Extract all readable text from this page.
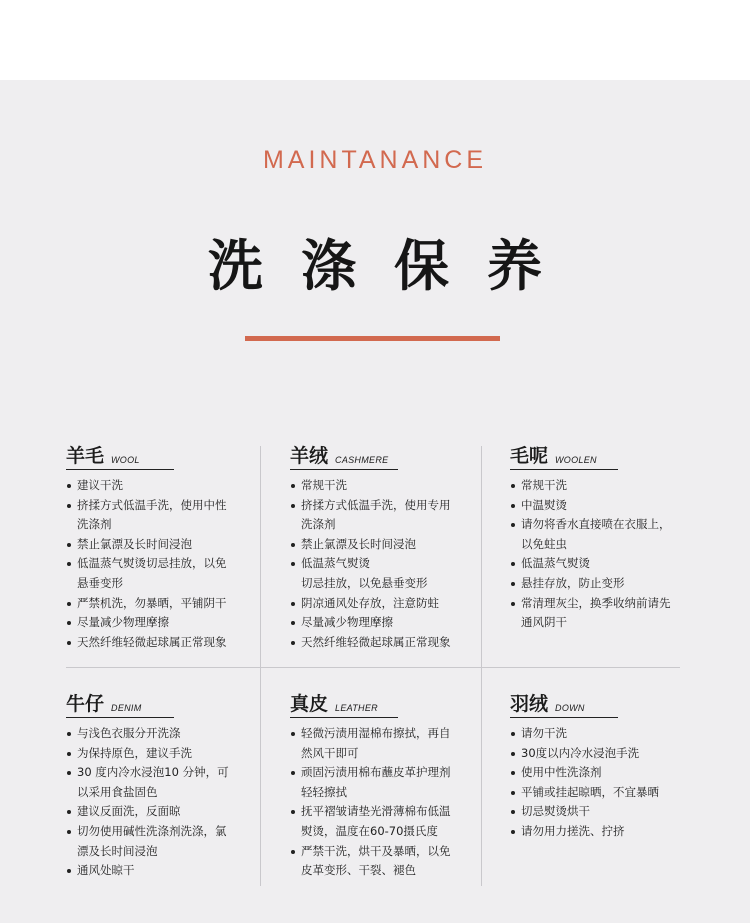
MAINTANANCE
洗涤保养
羊毛 WOOL
建议干洗
挤揉方式低温手洗，使用中性
洗涤剂
禁止氯漂及长时间浸泡
低温蒸气熨烫切忌挂放，以免
悬垂变形
严禁机洗，勿暴晒，平铺阴干
尽量减少物理摩擦
天然纤维轻微起球属正常现象
羊绒 CASHMERE
常规干洗
挤揉方式低温手洗，使用专用
洗涤剂
禁止氯漂及长时间浸泡
低温蒸气熨烫
切忌挂放，以免悬垂变形
阴凉通风处存放，注意防蛀
尽量减少物理摩擦
天然纤维轻微起球属正常现象
毛呢 WOOLEN
常规干洗
中温熨烫
请勿将香水直接喷在衣服上，
以免蛀虫
低温蒸气熨烫
悬挂存放，防止变形
常清理灰尘，换季收纳前请先
通风阴干
牛仔 DENIM
与浅色衣服分开洗涤
为保持原色，建议手洗
30 度内冷水浸泡10 分钟，可
以采用食盐固色
建议反面洗，反面晾
切勿使用碱性洗涤剂洗涤，氯
漂及长时间浸泡
通风处晾干
真皮 LEATHER
轻微污渍用湿棉布擦拭，再自
然风干即可
顽固污渍用棉布蘸皮革护理剂
轻轻擦拭
抚平褶皱请垫光滑薄棉布低温
熨烫，温度在60-70摄氏度
严禁干洗，烘干及暴晒，以免
皮革变形、干裂、褪色
羽绒 DOWN
请勿干洗
30度以内冷水浸泡手洗
使用中性洗涤剂
平铺或挂起晾晒，不宜暴晒
切忌熨烫烘干
请勿用力搓洗、拧挤
